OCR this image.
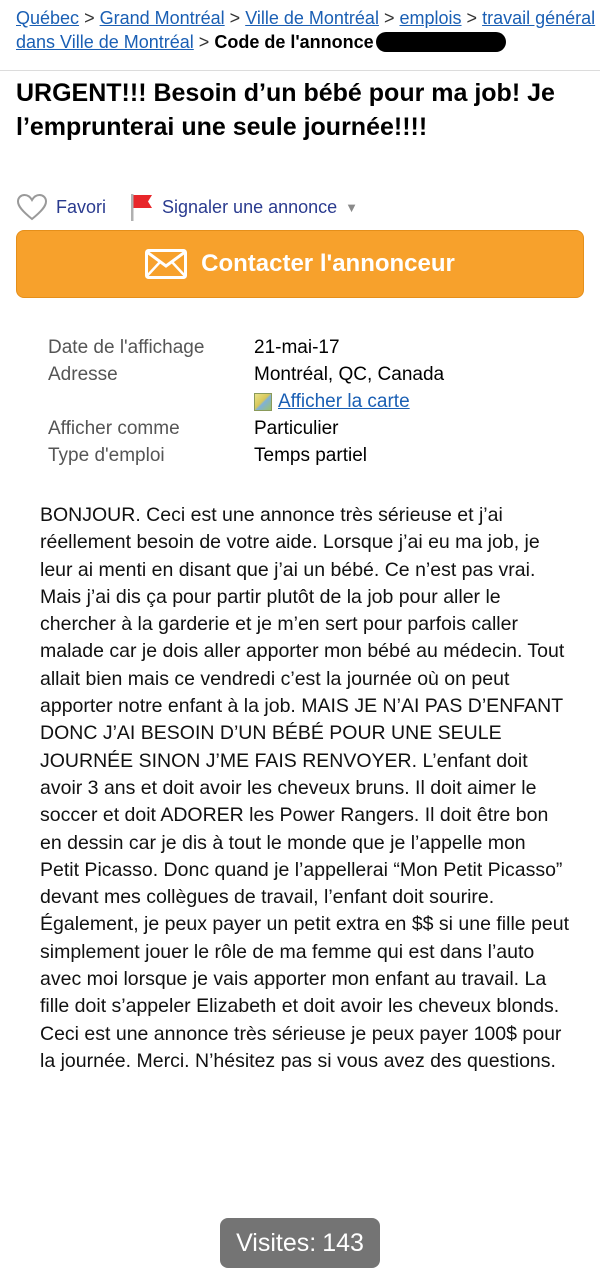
Québec > Grand Montréal > Ville de Montréal > emplois > travail général dans Ville de Montréal > Code de l'annonce
URGENT!!! Besoin d’un bébé pour ma job! Je l’emprunterai une seule journée!!!!
Favori	Signaler une annonce ▼
Contacter l'annonceur
Date de l'affichage	21-mai-17
Adresse	Montréal, QC, Canada
Afficher la carte
Afficher comme	Particulier
Type d'emploi	Temps partiel

BONJOUR. Ceci est une annonce très sérieuse et j’ai réellement besoin de votre aide. Lorsque j’ai eu ma job, je leur ai menti en disant que j’ai un bébé. Ce n’est pas vrai. Mais j’ai dis ça pour partir plutôt de la job pour aller le chercher à la garderie et je m’en sert pour parfois caller malade car je dois aller apporter mon bébé au médecin. Tout allait bien mais ce vendredi c’est la journée où on peut apporter notre enfant à la job. MAIS JE N’AI PAS D’ENFANT DONC J’AI BESOIN D’UN BÉBÉ POUR UNE SEULE JOURNÉE SINON J’ME FAIS RENVOYER. L’enfant doit avoir 3 ans et doit avoir les cheveux bruns. Il doit aimer le soccer et doit ADORER les Power Rangers. Il doit être bon en dessin car je dis à tout le monde que je l’appelle mon Petit Picasso. Donc quand je l’appellerai “Mon Petit Picasso” devant mes collègues de travail, l’enfant doit sourire. Également, je peux payer un petit extra en $$ si une fille peut simplement jouer le rôle de ma femme qui est dans l’auto avec moi lorsque je vais apporter mon enfant au travail. La fille doit s’appeler Elizabeth et doit avoir les cheveux blonds. Ceci est une annonce très sérieuse je peux payer 100$ pour la journée. Merci. N’hésitez pas si vous avez des questions.

Visites: 143
